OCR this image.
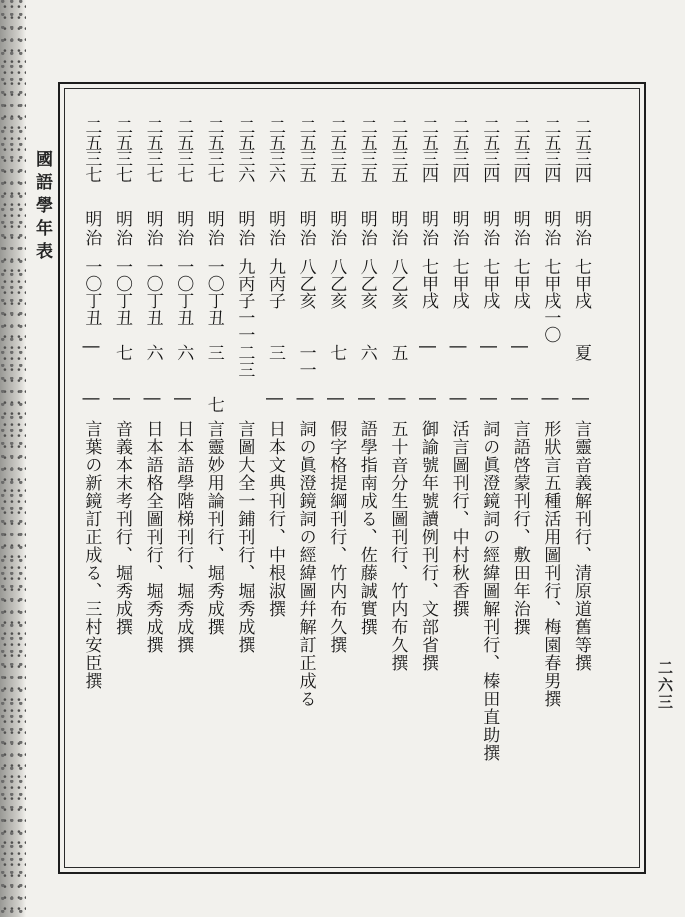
國語學年表
二六三
二五三四
明治
七甲戌
夏
|
言靈音義解刊行、清原道舊等撰
二五三四
明治
七甲戌一〇
|
形狀言五種活用圖刊行、梅園春男撰
二五三四
明治
七甲戌
|
|
言語啓蒙刊行、敷田年治撰
二五三四
明治
七甲戌
|
|
詞の眞澄鏡詞の經緯圖解刊行、榛田直助撰
二五三四
明治
七甲戌
|
|
活言圖刊行、中村秋香撰
二五三四
明治
七甲戌
|
|
御諭號年號讀例刊行、文部省撰
二五三五
明治
八乙亥
五
|
五十音分生圖刊行、竹内布久撰
二五三五
明治
八乙亥
六
|
語學指南成る、佐藤誠實撰
二五三五
明治
八乙亥
七
|
假字格提綱刊行、竹内布久撰
二五三五
明治
八乙亥
一一
|
詞の眞澄鏡詞の經緯圖幷解訂正成る
二五三六
明治
九丙子
三
|
日本文典刊行、中根淑撰
二五三六
明治
九丙子一一
二三
言圖大全一鋪刊行、堀秀成撰
二五三七
明治
一〇丁丑
三
七
言靈妙用論刊行、堀秀成撰
二五三七
明治
一〇丁丑
六
|
日本語學階梯刊行、堀秀成撰
二五三七
明治
一〇丁丑
六
|
日本語格全圖刊行、堀秀成撰
二五三七
明治
一〇丁丑
七
|
音義本末考刊行、堀秀成撰
二五三七
明治
一〇丁丑
|
|
言葉の新鏡訂正成る、三村安臣撰
